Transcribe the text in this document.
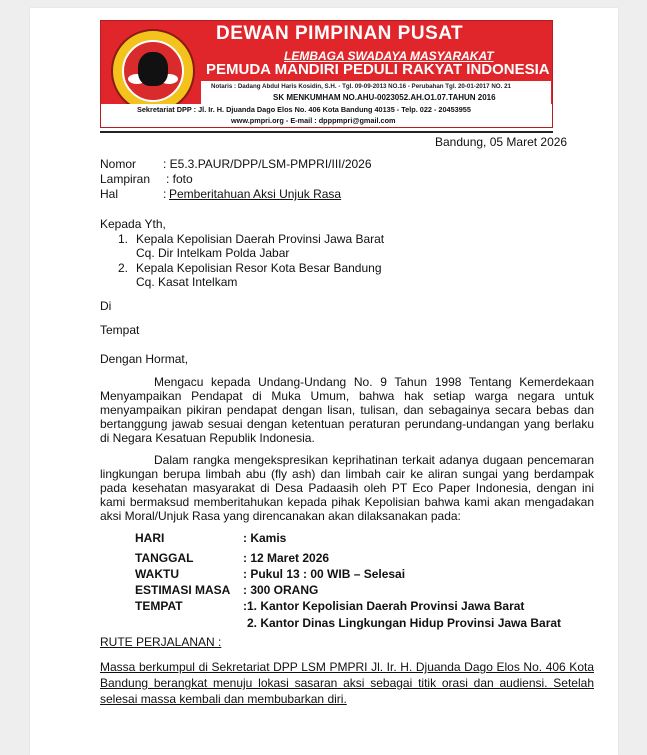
DEWAN PIMPINAN PUSAT
LEMBAGA SWADAYA MASYARAKAT
PEMUDA MANDIRI PEDULI RAKYAT INDONESIA
Notaris : Dadang Abdul Haris Kosidin, S.H. - Tgl. 09-09-2013 NO.16 - Perubahan Tgl. 20-01-2017 NO. 21
SK MENKUMHAM NO.AHU-0023052.AH.O1.07.TAHUN 2016
Sekretariat DPP : Jl. Ir. H. Djuanda Dago Elos No. 406 Kota Bandung 40135 - Telp. 022 - 20453955
www.pmpri.org - E-mail : dpppmpri@gmail.com
Bandung, 05 Maret 2026
Nomor : E5.3.PAUR/DPP/LSM-PMPRI/III/2026
Lampiran : foto
Hal	: Pemberitahuan Aksi Unjuk Rasa
Kepada Yth,
1. Kepala Kepolisian Daerah Provinsi Jawa Barat
Cq. Dir Intelkam Polda Jabar
2. Kepala Kepolisian Resor Kota Besar Bandung
Cq. Kasat Intelkam
Di
Tempat
Dengan Hormat,
Mengacu kepada Undang-Undang No. 9 Tahun 1998 Tentang Kemerdekaan Menyampaikan Pendapat di Muka Umum, bahwa hak setiap warga negara untuk menyampaikan pikiran pendapat dengan lisan, tulisan, dan sebagainya secara bebas dan bertanggung jawab sesuai dengan ketentuan peraturan perundang-undangan yang berlaku di Negara Kesatuan Republik Indonesia.
Dalam rangka mengekspresikan keprihatinan terkait adanya dugaan pencemaran lingkungan berupa limbah abu (fly ash) dan limbah cair ke aliran sungai yang berdampak pada kesehatan masyarakat di Desa Padaasih oleh PT Eco Paper Indonesia, dengan ini kami bermaksud memberitahukan kepada pihak Kepolisian bahwa kami akan mengadakan aksi Moral/Unjuk Rasa yang direncanakan akan dilaksanakan pada:
HARI	: Kamis
TANGGAL	: 12 Maret 2026
WAKTU	: Pukul 13 : 00 WIB – Selesai
ESTIMASI MASA : 300 ORANG
TEMPAT	:1. Kantor Kepolisian Daerah Provinsi Jawa Barat
2. Kantor Dinas Lingkungan Hidup Provinsi Jawa Barat
RUTE PERJALANAN :
Massa berkumpul di Sekretariat DPP LSM PMPRI Jl. Ir. H. Djuanda Dago Elos No. 406 Kota Bandung berangkat menuju lokasi sasaran aksi sebagai titik orasi dan audiensi. Setelah selesai massa kembali dan membubarkan diri.
